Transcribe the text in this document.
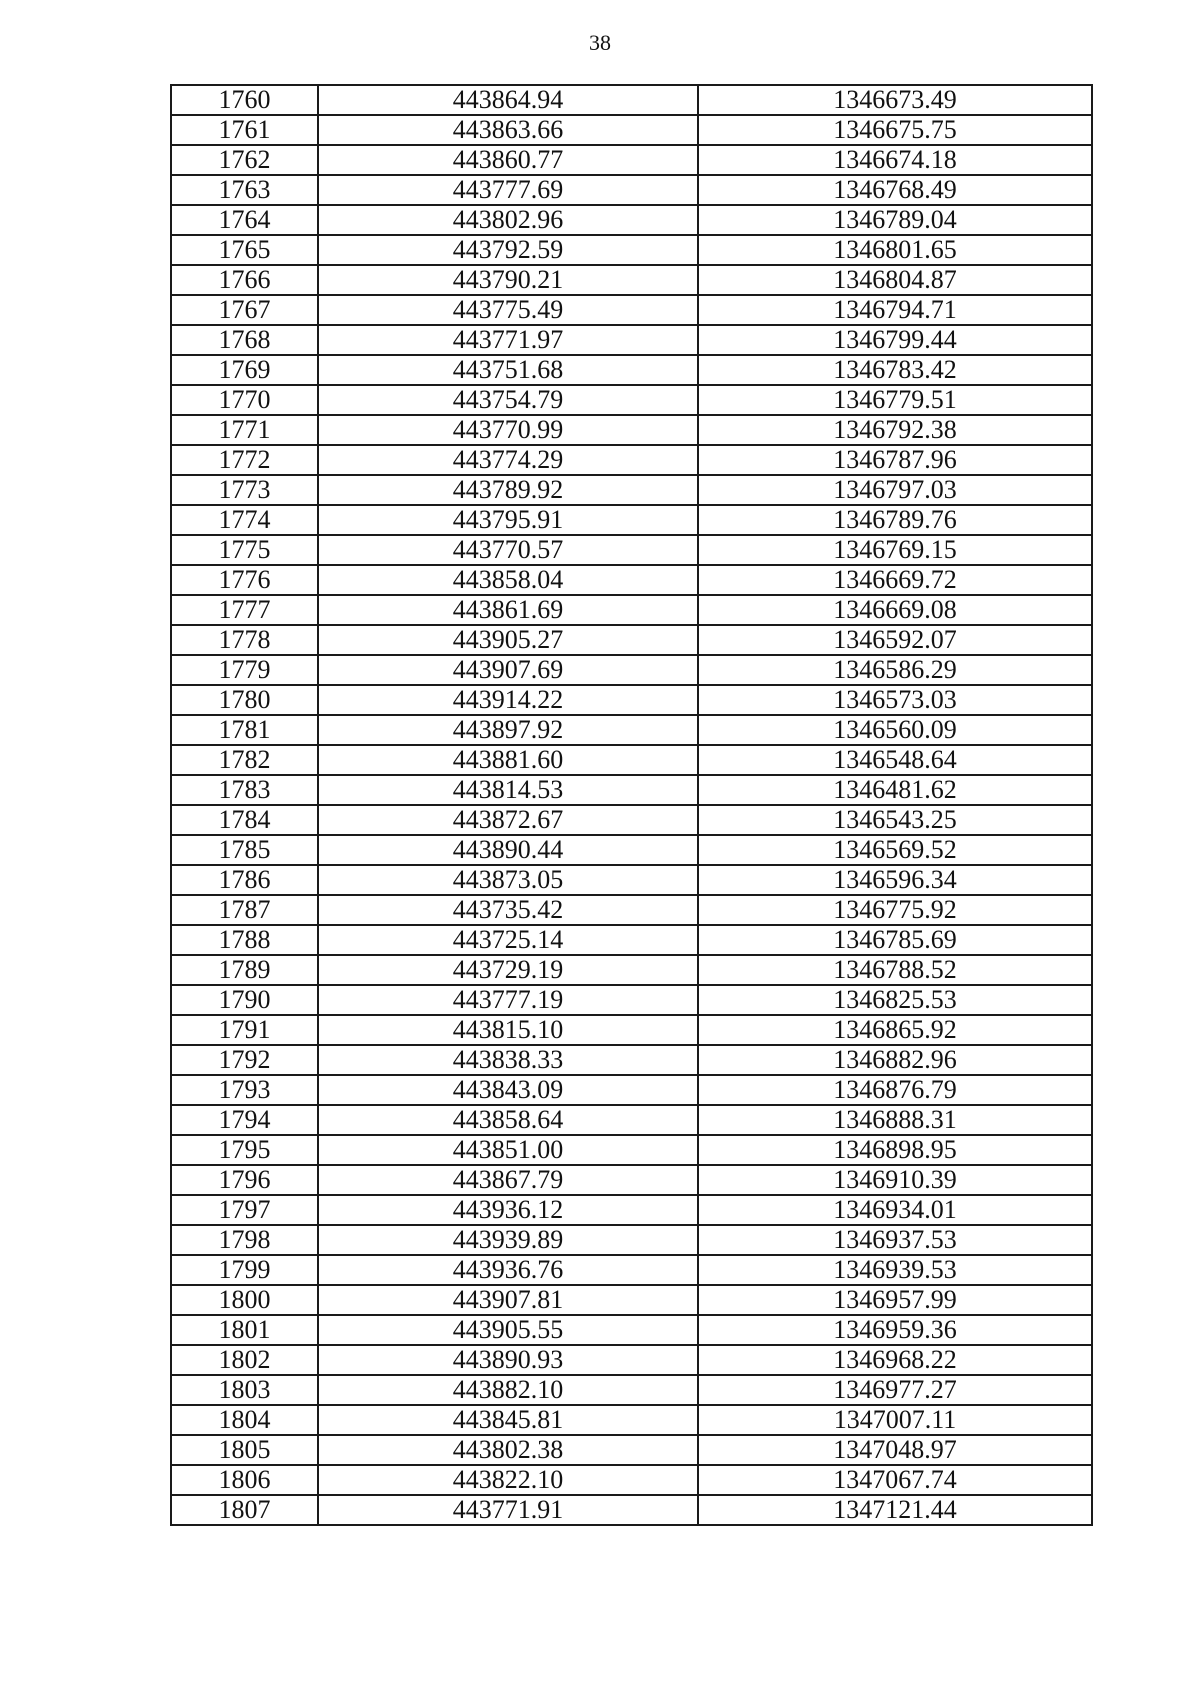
38
1760	443864.94	1346673.49
1761	443863.66	1346675.75
1762	443860.77	1346674.18
1763	443777.69	1346768.49
1764	443802.96	1346789.04
1765	443792.59	1346801.65
1766	443790.21	1346804.87
1767	443775.49	1346794.71
1768	443771.97	1346799.44
1769	443751.68	1346783.42
1770	443754.79	1346779.51
1771	443770.99	1346792.38
1772	443774.29	1346787.96
1773	443789.92	1346797.03
1774	443795.91	1346789.76
1775	443770.57	1346769.15
1776	443858.04	1346669.72
1777	443861.69	1346669.08
1778	443905.27	1346592.07
1779	443907.69	1346586.29
1780	443914.22	1346573.03
1781	443897.92	1346560.09
1782	443881.60	1346548.64
1783	443814.53	1346481.62
1784	443872.67	1346543.25
1785	443890.44	1346569.52
1786	443873.05	1346596.34
1787	443735.42	1346775.92
1788	443725.14	1346785.69
1789	443729.19	1346788.52
1790	443777.19	1346825.53
1791	443815.10	1346865.92
1792	443838.33	1346882.96
1793	443843.09	1346876.79
1794	443858.64	1346888.31
1795	443851.00	1346898.95
1796	443867.79	1346910.39
1797	443936.12	1346934.01
1798	443939.89	1346937.53
1799	443936.76	1346939.53
1800	443907.81	1346957.99
1801	443905.55	1346959.36
1802	443890.93	1346968.22
1803	443882.10	1346977.27
1804	443845.81	1347007.11
1805	443802.38	1347048.97
1806	443822.10	1347067.74
1807	443771.91	1347121.44
